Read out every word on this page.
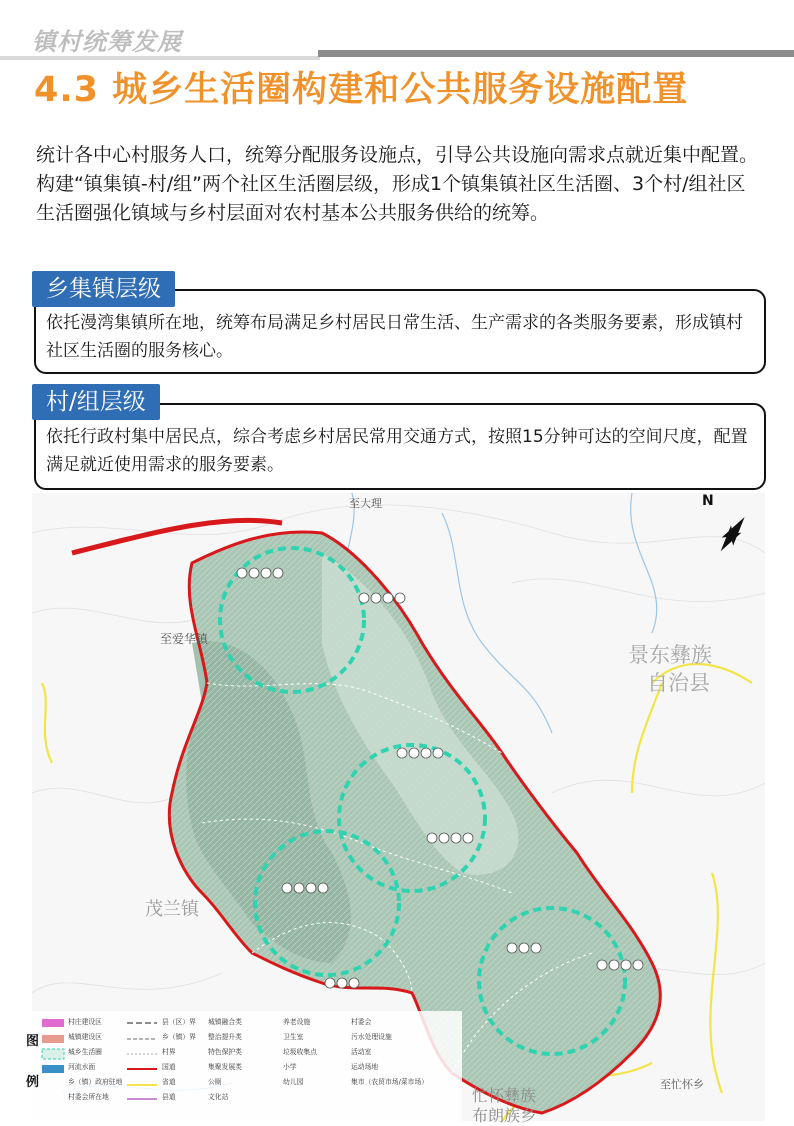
镇村统筹发展
4.3 城乡生活圈构建和公共服务设施配置
统计各中心村服务人口，统筹分配服务设施点，引导公共设施向需求点就近集中配置。构建“镇集镇-村/组”两个社区生活圈层级，形成1个镇集镇社区生活圈、3个村/组社区生活圈强化镇域与乡村层面对农村基本公共服务供给的统筹。
乡集镇层级
依托漫湾集镇所在地，统筹布局满足乡村居民日常生活、生产需求的各类服务要素，形成镇村社区生活圈的服务核心。
村/组层级
依托行政村集中居民点，综合考虑乡村居民常用交通方式，按照15分钟可达的空间尺度，配置满足就近使用需求的服务要素。
至大理	N
至爱华镇
景东彝族
自治县
茂兰镇
忙怀彝族
布朗族乡
至忙怀乡
图
例
村庄建设区	县（区）界	城镇融合类	养老设施	村委会
城镇建设区	乡（镇）界	整治提升类	卫生室	污水处理设施
城乡生活圈	村界	特色保护类	垃圾收集点	活动室
河流水面	国道	集聚发展类	小学	运动场地
乡（镇）政府驻地	省道	公厕	幼儿园	集市（农贸市场/菜市场）
村委会所在地	县道	文化站
